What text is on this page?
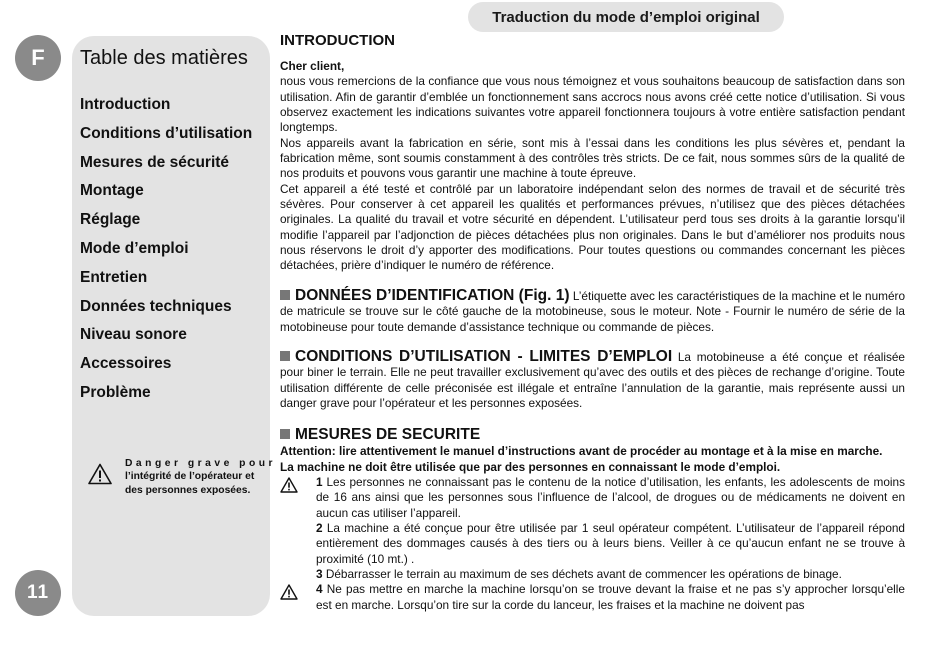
Traduction du mode d’emploi original
F
11
Table des matières
Introduction
Conditions d’utilisation
Mesures de sécurité
Montage
Réglage
Mode d’emploi
Entretien
Données techniques
Niveau sonore
Accessoires
Problème
Danger grave pour
l’intégrité de l’opérateur et des personnes exposées.
INTRODUCTION

Cher client,

nous vous remercions de la confiance que vous nous témoignez et vous souhaitons beaucoup de satisfaction dans son utilisation. Afin de garantir d’emblée un fonctionnement sans accrocs nous avons créé cette notice d’utilisation. Si vous observez exactement les indications suivantes votre appareil fonctionnera toujours à votre entière satisfaction pendant longtemps.

Nos appareils avant la fabrication en série, sont mis à l’essai dans les conditions les plus sévères et, pendant la fabrication même, sont soumis constamment à des contrôles très stricts. De ce fait, nous sommes sûrs de la qualité de nos produits et pouvons vous garantir une machine à toute épreuve.

Cet appareil a été testé et contrôlé par un laboratoire indépendant selon des normes de travail et de sécurité très sévères. Pour conserver à cet appareil les qualités et performances prévues, n’utilisez que des pièces détachées originales. La qualité du travail et votre sécurité en dépendent. L’utilisateur perd tous ses droits à la garantie lorsqu’il modifie l’appareil par l’adjonction de pièces détachées plus non originales. Dans le but d’améliorer nos produits nous nous réservons le droit d’y apporter des modifications. Pour toutes questions ou commandes concernant les pièces détachées, prière d’indiquer le numéro de référence.

DONNÉES D’IDENTIFICATION (Fig. 1) L’étiquette avec les caractéristiques de la machine et le numéro de matricule se trouve sur le côté gauche de la motobineuse, sous le moteur. Note - Fournir le numéro de série de la motobineuse pour toute demande d’assistance technique ou commande de pièces.

CONDITIONS D’UTILISATION - LIMITES D’EMPLOI La motobineuse a été conçue et réalisée pour biner le terrain. Elle ne peut travailler exclusivement qu’avec des outils et des pièces de rechange d’origine. Toute utilisation différente de celle préconisée est illégale et entraîne l’annulation de la garantie, mais représente aussi un danger grave pour l’opérateur et les personnes exposées.

MESURES DE SECURITE

Attention: lire attentivement le manuel d’instructions avant de procéder au montage et à la mise en marche.

La machine ne doit être utilisée que par des personnes en connaissant le mode d’emploi.

1 Les personnes ne connaissant pas le contenu de la notice d’utilisation, les enfants, les adolescents de moins de 16 ans ainsi que les personnes sous l’influence de l’alcool, de drogues ou de médicaments ne doivent en aucun cas utiliser l’appareil.

2 La machine a été conçue pour être utilisée par 1 seul opérateur compétent. L’utilisateur de l’appareil répond entièrement des dommages causés à des tiers ou à leurs biens. Veiller à ce qu’aucun enfant ne se trouve à proximité (10 mt.) .

3 Débarrasser le terrain au maximum de ses déchets avant de commencer les opérations de binage.

4 Ne pas mettre en marche la machine lorsqu’on se trouve devant la fraise et ne pas s’y approcher lorsqu’elle est en marche. Lorsqu’on tire sur la corde du lanceur, les fraises et la machine ne doivent pas
